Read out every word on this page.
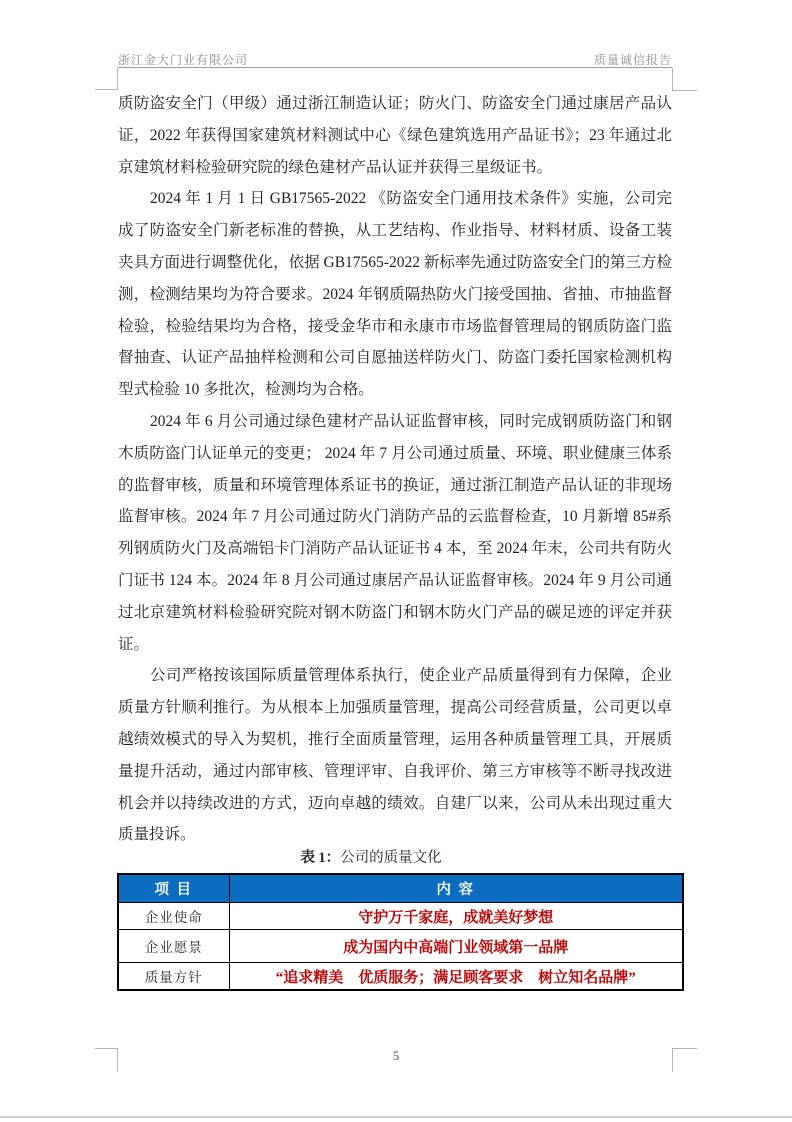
浙江金大门业有限公司	质量诚信报告

质防盗安全门（甲级）通过浙江制造认证；防火门、防盗安全门通过康居产品认证，2022 年获得国家建筑材料测试中心《绿色建筑选用产品证书》；23 年通过北京建筑材料检验研究院的绿色建材产品认证并获得三星级证书。

2024 年 1 月 1 日 GB17565-2022 《防盗安全门通用技术条件》实施，公司完成了防盗安全门新老标准的替换，从工艺结构、作业指导、材料材质、设备工装夹具方面进行调整优化，依据 GB17565-2022 新标率先通过防盗安全门的第三方检测，检测结果均为符合要求。2024 年钢质隔热防火门接受国抽、省抽、市抽监督检验，检验结果均为合格，接受金华市和永康市市场监督管理局的钢质防盗门监督抽查、认证产品抽样检测和公司自愿抽送样防火门、防盗门委托国家检测机构型式检验 10 多批次，检测均为合格。

2024 年 6 月公司通过绿色建材产品认证监督审核，同时完成钢质防盗门和钢木质防盗门认证单元的变更； 2024 年 7 月公司通过质量、环境、职业健康三体系的监督审核，质量和环境管理体系证书的换证，通过浙江制造产品认证的非现场监督审核。2024 年 7 月公司通过防火门消防产品的云监督检查，10 月新增 85#系列钢质防火门及高端铝卡门消防产品认证证书 4 本，至 2024 年末，公司共有防火门证书 124 本。2024 年 8 月公司通过康居产品认证监督审核。2024 年 9 月公司通过北京建筑材料检验研究院对钢木防盗门和钢木防火门产品的碳足迹的评定并获证。

公司严格按该国际质量管理体系执行，使企业产品质量得到有力保障，企业质量方针顺利推行。为从根本上加强质量管理，提高公司经营质量，公司更以卓越绩效模式的导入为契机，推行全面质量管理，运用各种质量管理工具，开展质量提升活动，通过内部审核、管理评审、自我评价、第三方审核等不断寻找改进机会并以持续改进的方式，迈向卓越的绩效。自建厂以来，公司从未出现过重大质量投诉。

表 1：公司的质量文化
项 目	内 容
企业使命	守护万千家庭，成就美好梦想
企业愿景	成为国内中高端门业领域第一品牌
质量方针	“追求精美　优质服务；满足顾客要求　树立知名品牌”
5
